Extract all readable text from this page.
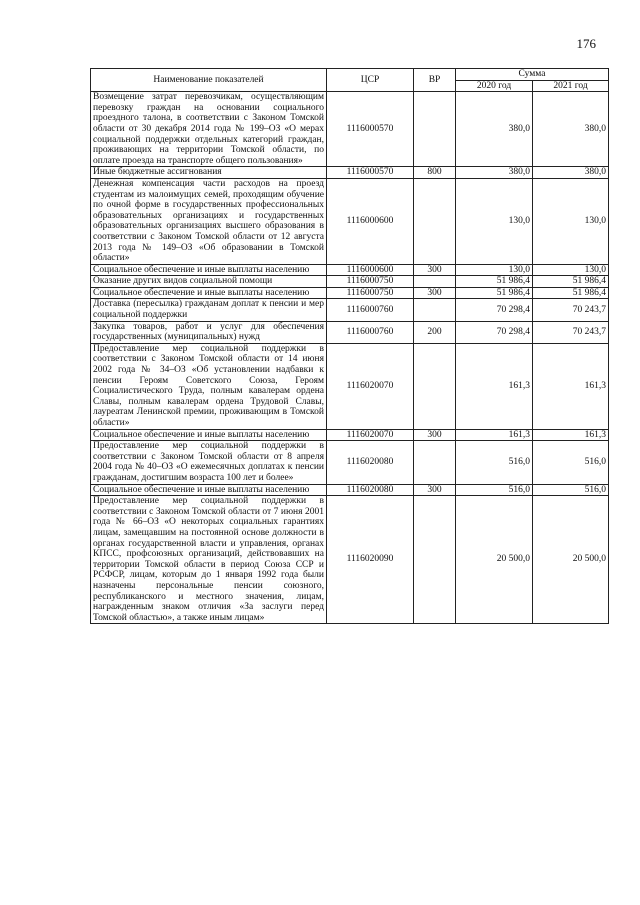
176
Наименование показателей	ЦСР	ВР	Сумма	
			2020 год	2021 год
Возмещение затрат перевозчикам, осуществляющим перевозку граждан на основании социального проездного талона, в соответствии с Законом Томской области от 30 декабря 2014 года № 199–ОЗ «О мерах социальной поддержки отдельных категорий граждан, проживающих на территории Томской области, по оплате проезда на транспорте общего пользования»	1116000570		380,0	380,0
Иные бюджетные ассигнования	1116000570	800	380,0	380,0
Денежная компенсация части расходов на проезд студентам из малоимущих семей, проходящим обучение по очной форме в государственных профессиональных образовательных организациях и государственных образовательных организациях высшего образования в соответствии с Законом Томской области от 12 августа 2013 года № 149–ОЗ «Об образовании в Томской области»	1116000600		130,0	130,0
Социальное обеспечение и иные выплаты населению	1116000600	300	130,0	130,0
Оказание других видов социальной помощи	1116000750		51 986,4	51 986,4
Социальное обеспечение и иные выплаты населению	1116000750	300	51 986,4	51 986,4
Доставка (пересылка) гражданам доплат к пенсии и мер социальной поддержки	1116000760		70 298,4	70 243,7
Закупка товаров, работ и услуг для обеспечения государственных (муниципальных) нужд	1116000760	200	70 298,4	70 243,7
Предоставление мер социальной поддержки в соответствии с Законом Томской области от 14 июня 2002 года № 34–ОЗ «Об установлении надбавки к пенсии Героям Советского Союза, Героям Социалистического Труда, полным кавалерам ордена Славы, полным кавалерам ордена Трудовой Славы, лауреатам Ленинской премии, проживающим в Томской области»	1116020070		161,3	161,3
Социальное обеспечение и иные выплаты населению	1116020070	300	161,3	161,3
Предоставление мер социальной поддержки в соответствии с Законом Томской области от 8 апреля 2004 года № 40–ОЗ «О ежемесячных доплатах к пенсии гражданам, достигшим возраста 100 лет и более»	1116020080		516,0	516,0
Социальное обеспечение и иные выплаты населению	1116020080	300	516,0	516,0
Предоставление мер социальной поддержки в соответствии с Законом Томской области от 7 июня 2001 года № 66–ОЗ «О некоторых социальных гарантиях лицам, замещавшим на постоянной основе должности в органах государственной власти и управления, органах КПСС, профсоюзных организаций, действовавших на территории Томской области в период Союза ССР и РСФСР, лицам, которым до 1 января 1992 года были назначены персональные пенсии союзного, республиканского и местного значения, лицам, награжденным знаком отличия «За заслуги перед Томской областью», а также иным лицам»	1116020090		20 500,0	20 500,0
